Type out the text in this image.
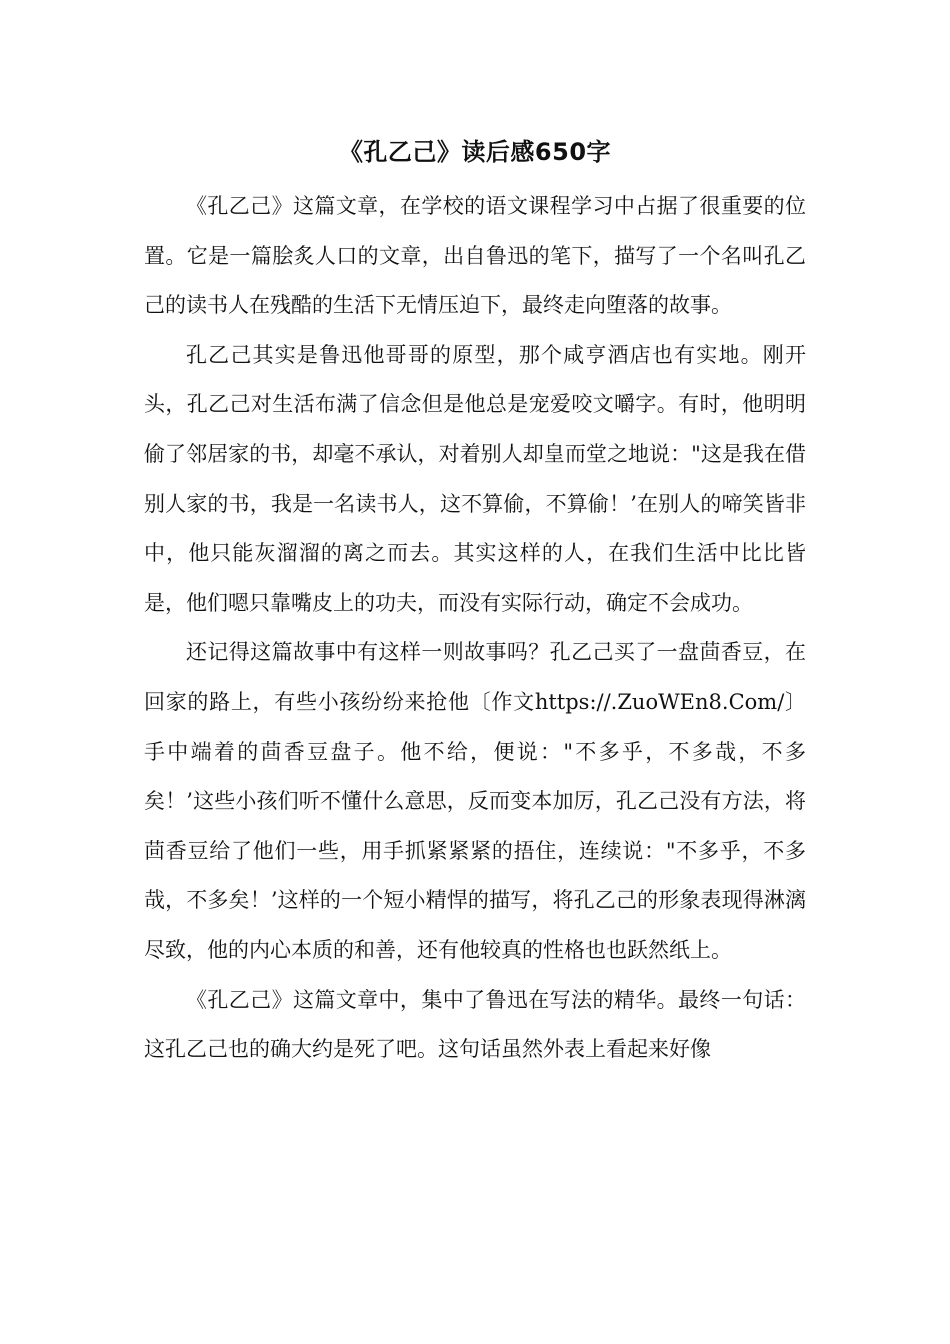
《孔乙己》读后感650字

《孔乙己》这篇文章，在学校的语文课程学习中占据了很重要的位置。它是一篇脍炙人口的文章，出自鲁迅的笔下，描写了一个名叫孔乙己的读书人在残酷的生活下无情压迫下，最终走向堕落的故事。

孔乙己其实是鲁迅他哥哥的原型，那个咸亨酒店也有实地。刚开头，孔乙己对生活布满了信念但是他总是宠爱咬文嚼字。有时，他明明偷了邻居家的书，却毫不承认，对着别人却皇而堂之地说："这是我在借别人家的书，我是一名读书人，这不算偷，不算偷！’在别人的啼笑皆非中，他只能灰溜溜的离之而去。其实这样的人，在我们生活中比比皆是，他们嗯只靠嘴皮上的功夫，而没有实际行动，确定不会成功。

还记得这篇故事中有这样一则故事吗？孔乙己买了一盘茴香豆，在回家的路上，有些小孩纷纷来抢他〔作文https://.ZuoWEn8.Com/〕手中端着的茴香豆盘子。他不给，便说："不多乎，不多哉，不多矣！’这些小孩们听不懂什么意思，反而变本加厉，孔乙己没有方法，将茴香豆给了他们一些，用手抓紧紧紧的捂住，连续说："不多乎，不多哉，不多矣！’这样的一个短小精悍的描写，将孔乙己的形象表现得淋漓尽致，他的内心本质的和善，还有他较真的性格也也跃然纸上。

《孔乙己》这篇文章中，集中了鲁迅在写法的精华。最终一句话：这孔乙己也的确大约是死了吧。这句话虽然外表上看起来好像
